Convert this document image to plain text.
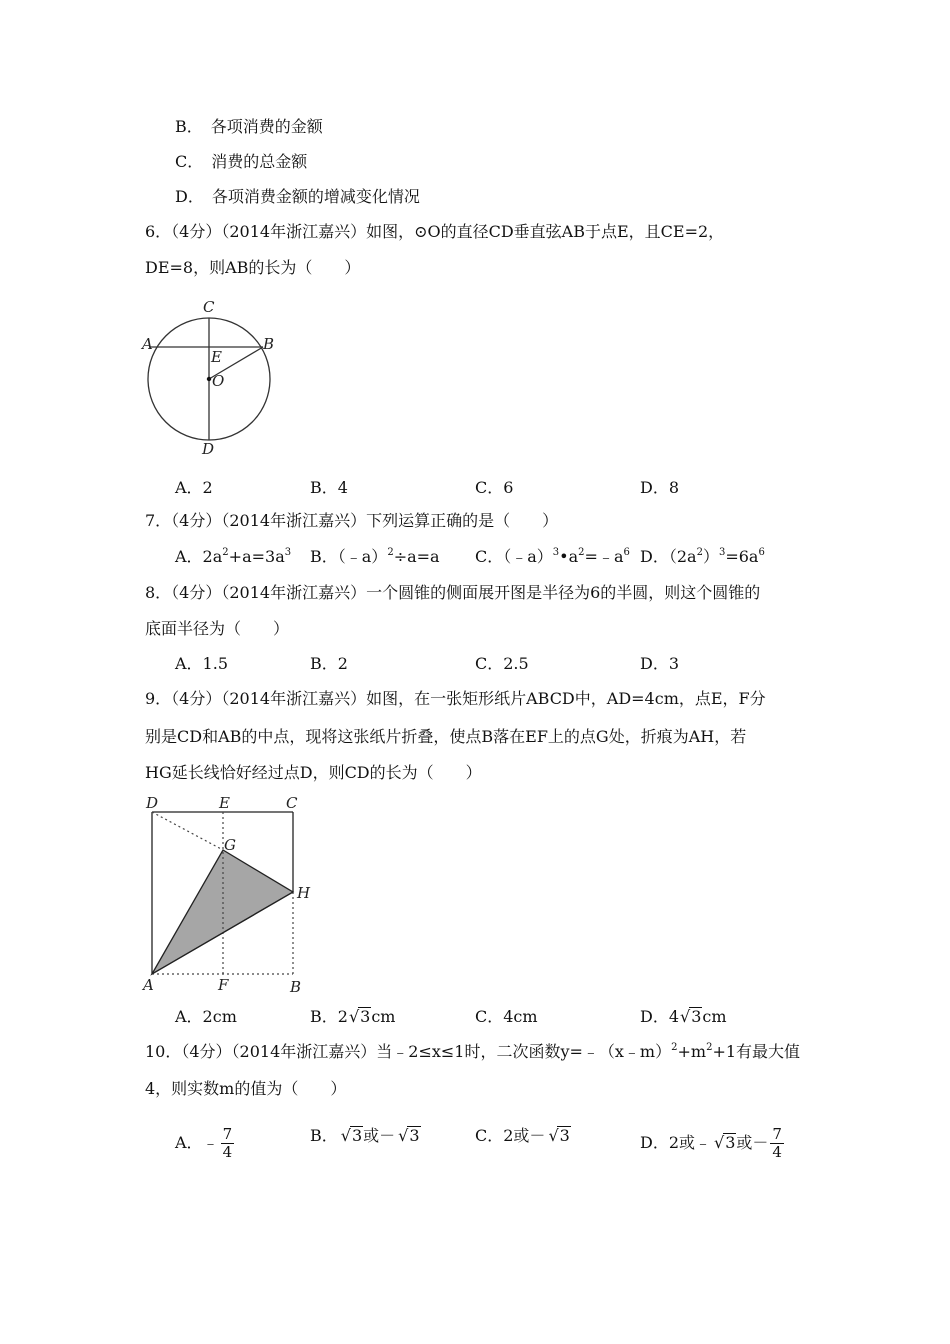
B．　各项消费的金额
C．　消费的总金额
D．　各项消费金额的增减变化情况
6．（4分）（2014年浙江嘉兴）如图，⊙O的直径CD垂直弦AB于点E，且CE=2，
DE=8，则AB的长为（　　）
C
A	B
E
O
D
A．2	B．4	C．6	D．8
7．（4分）（2014年浙江嘉兴）下列运算正确的是（　　）
A．$2a^2+a=3a^3$ B．（﹣a）$^2$÷a=a C．$(﹣a)^3•a^2=﹣a^6$ D．$(2a^2)^3=6a^6$
8．（4分）（2014年浙江嘉兴）一个圆锥的侧面展开图是半径为6的半圆，则这个圆锥的
底面半径为（　　）
A．1.5	B．2	C．2.5	D．3
9．（4分）（2014年浙江嘉兴）如图，在一张矩形纸片ABCD中，AD=4cm，点E，F分
别是CD和AB的中点，现将这张纸片折叠，使点B落在EF上的点G处，折痕为AH，若
HG延长线恰好经过点D，则CD的长为（　　）
D	E	C
G
H
A	F	B
A．2cm	B．2 √ 3cm	C．4cm	D．4 √ 3cm
10．（4分）（2014年浙江嘉兴）当﹣2≤x≤1时，二次函数$y=﹣(x﹣m)^2+m^2+1$有最大值
4，则实数m的值为（　　）
A．﹣ $\frac{7}{4}$	B． √ 3或－ √ 3	C．2或－ √ 3	D．2或﹣ √ 3或－ $\frac{7}{4}$
